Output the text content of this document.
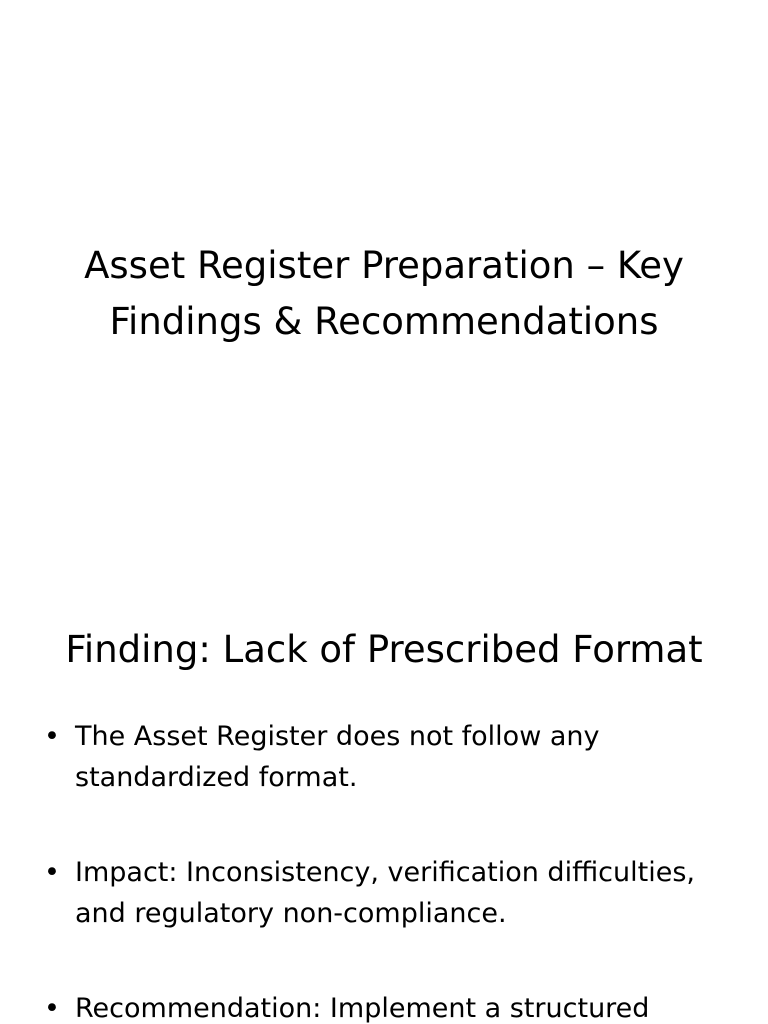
Asset Register Preparation – Key
Findings & Recommendations
Finding: Lack of Prescribed Format
• The Asset Register does not follow any
standardized format.
• Impact: Inconsistency, verification difficulties,
and regulatory non-compliance.
• Recommendation: Implement a structured
